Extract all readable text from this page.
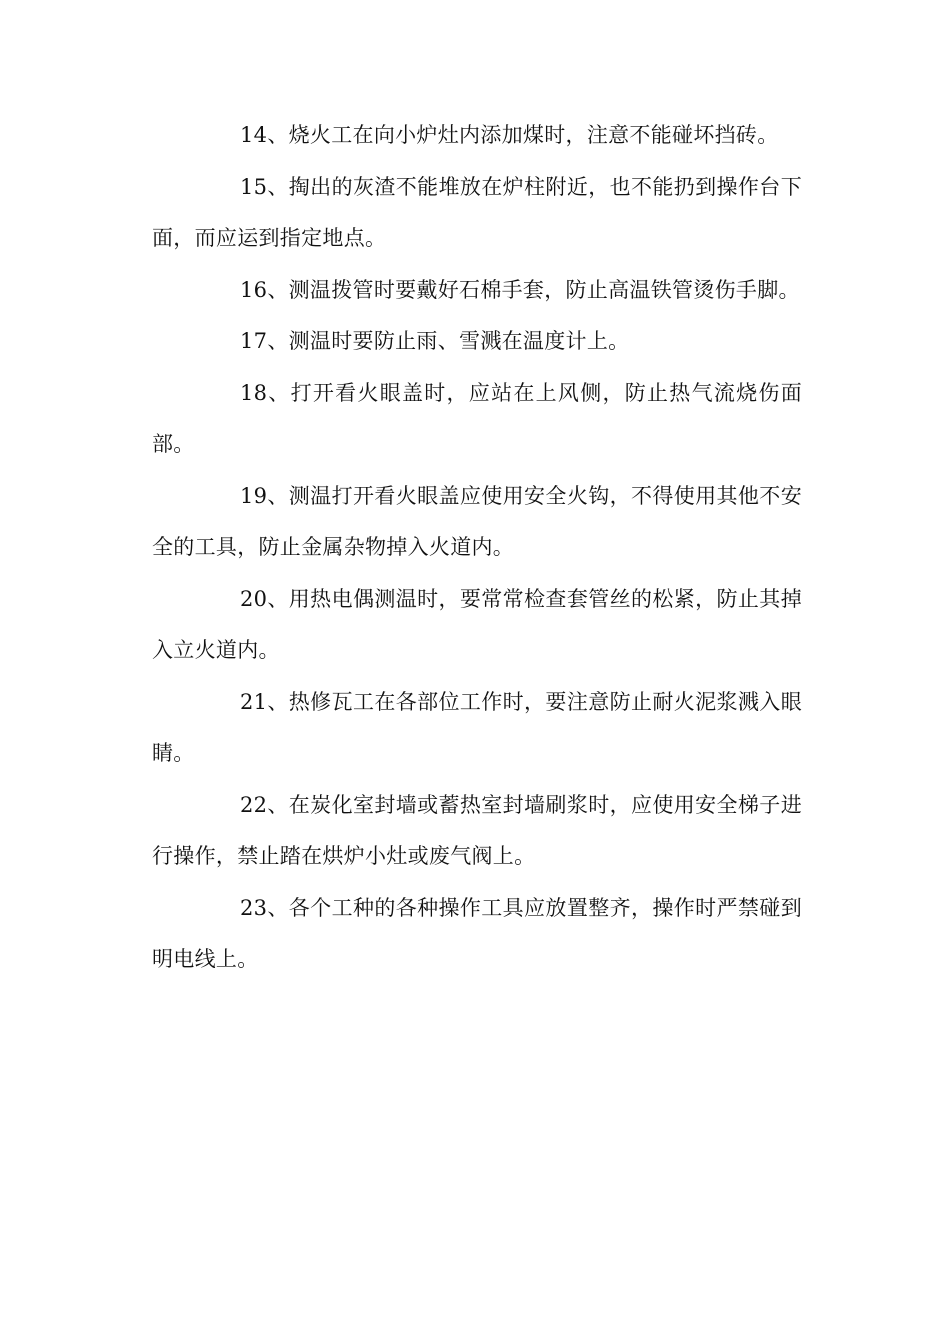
14、烧火工在向小炉灶内添加煤时，注意不能碰坏挡砖。

15、掏出的灰渣不能堆放在炉柱附近，也不能扔到操作台下面，而应运到指定地点。

16、测温拨管时要戴好石棉手套，防止高温铁管烫伤手脚。

17、测温时要防止雨、雪溅在温度计上。

18、打开看火眼盖时，应站在上风侧，防止热气流烧伤面部。

19、测温打开看火眼盖应使用安全火钩，不得使用其他不安全的工具，防止金属杂物掉入火道内。

20、用热电偶测温时，要常常检查套管丝的松紧，防止其掉入立火道内。

21、热修瓦工在各部位工作时，要注意防止耐火泥浆溅入眼睛。

22、在炭化室封墙或蓄热室封墙刷浆时，应使用安全梯子进行操作，禁止踏在烘炉小灶或废气阀上。

23、各个工种的各种操作工具应放置整齐，操作时严禁碰到明电线上。
